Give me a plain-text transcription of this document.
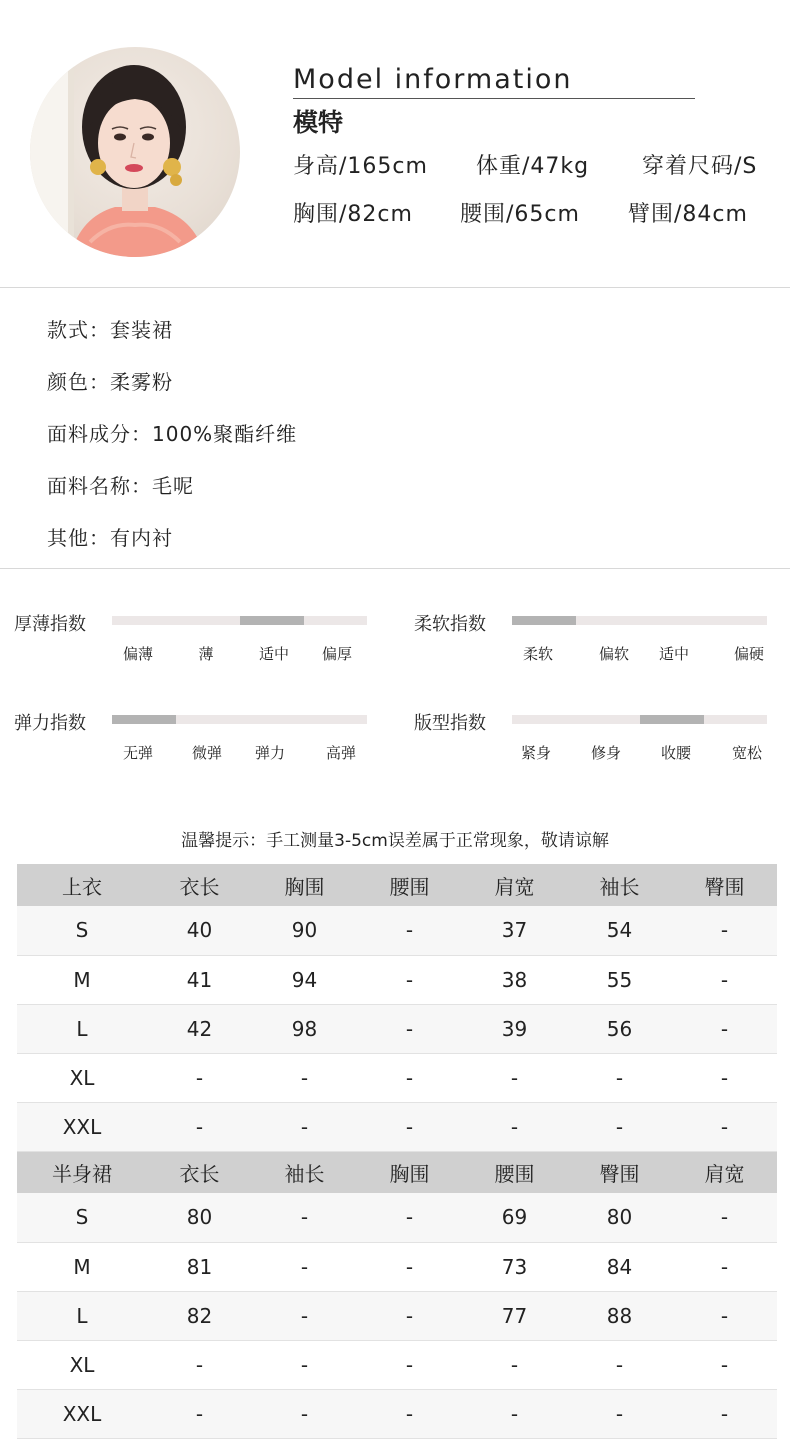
Model information
模特
身高/165cm 体重/47kg 穿着尺码/S
胸围/82cm 腰围/65cm 臂围/84cm
款式：套装裙
颜色：柔雾粉
面料成分：100%聚酯纤维
面料名称：毛呢
其他：有内衬
厚薄指数
偏薄	薄	适中 偏厚
柔软指数
柔软	偏软 适中	偏硬
弹力指数
无弹	微弹 弹力	高弹
版型指数
紧身	修身	收腰	宽松
温馨提示：手工测量3-5cm误差属于正常现象，敬请谅解
上衣	衣长	胸围	腰围	肩宽	袖长	臀围
S	40	90	-	37	54	-
M	41	94	-	38	55	-
L	42	98	-	39	56	-
XL	-	-	-	-	-	-
XXL	-	-	-	-	-	-
半身裙	衣长	袖长	胸围	腰围	臀围	肩宽
S	80	-	-	69	80	-
M	81	-	-	73	84	-
L	82	-	-	77	88	-
XL	-	-	-	-	-	-
XXL	-	-	-	-	-	-
